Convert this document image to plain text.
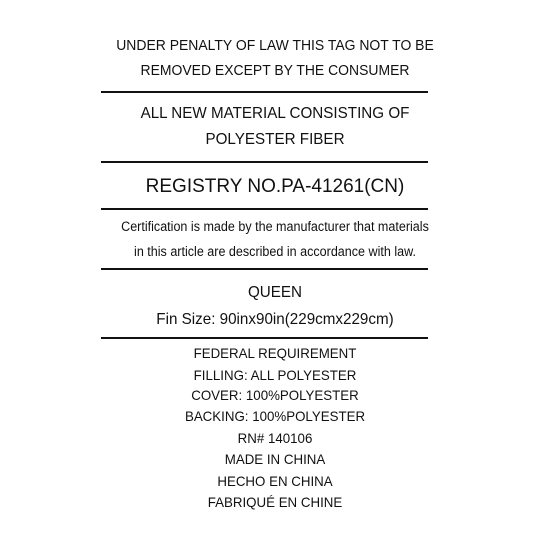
UNDER PENALTY OF LAW THIS TAG NOT TO BE
REMOVED EXCEPT BY THE CONSUMER
ALL NEW MATERIAL CONSISTING OF
POLYESTER FIBER
REGISTRY NO.PA-41261(CN)
Certification is made by the manufacturer that materials
in this article are described in accordance with law.
QUEEN
Fin Size: 90inx90in(229cmx229cm)
FEDERAL REQUIREMENT
FILLING: ALL POLYESTER
COVER: 100%POLYESTER
BACKING: 100%POLYESTER
RN# 140106
MADE IN CHINA
HECHO EN CHINA
FABRIQUÉ EN CHINE
